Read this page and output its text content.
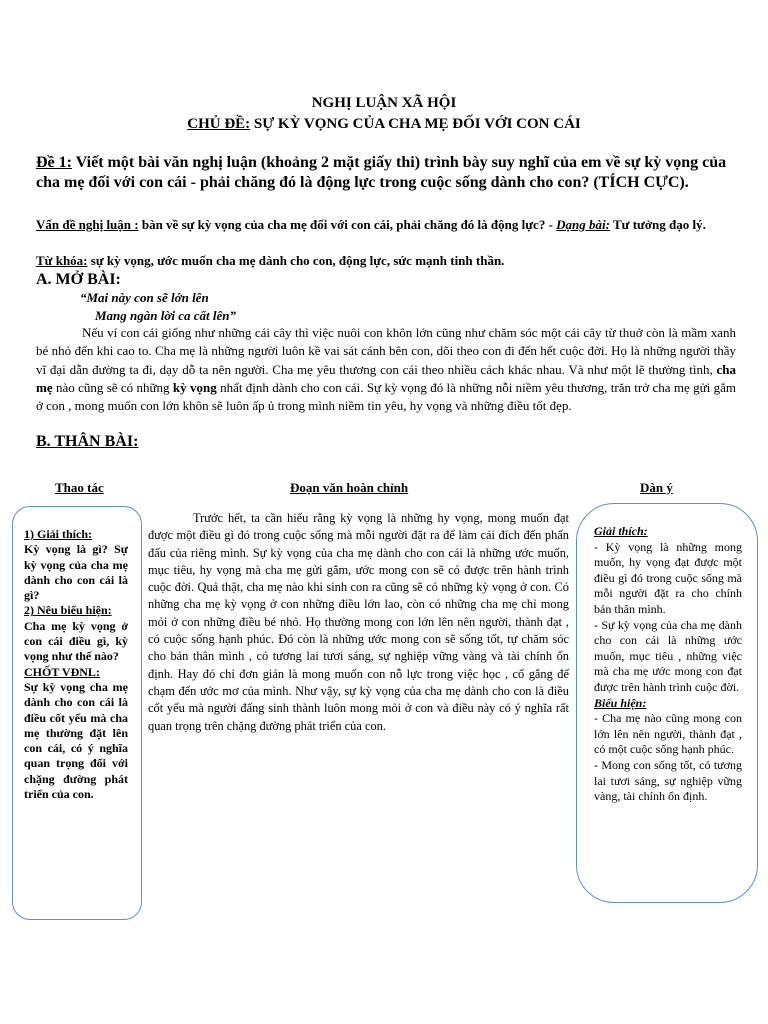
NGHỊ LUẬN XÃ HỘI
CHỦ ĐỀ: SỰ KỲ VỌNG CỦA CHA MẸ ĐỐI VỚI CON CÁI
Đề 1: Viết một bài văn nghị luận (khoảng 2 mặt giấy thi) trình bày suy nghĩ của em về sự kỳ vọng của cha mẹ đối với con cái - phải chăng đó là động lực trong cuộc sống dành cho con? (TÍCH CỰC).
Vấn đề nghị luận : bàn về sự kỳ vọng của cha mẹ đối với con cái, phải chăng đó là động lực? - Dạng bài: Tư tưởng đạo lý.
Từ khóa: sự kỳ vọng, ước muốn cha mẹ dành cho con, động lực, sức mạnh tinh thần.
A. MỞ BÀI:
“Mai này con sẽ lớn lên
Mang ngàn lời ca cất lên”
Nếu ví con cái giống như những cái cây thì việc nuôi con khôn lớn cũng như chăm sóc một cái cây từ thuở còn là mầm xanh bé nhỏ đến khi cao to. Cha mẹ là những người luôn kề vai sát cánh bên con, dõi theo con đi đến hết cuộc đời. Họ là những người thầy vĩ đại dẫn đường ta đi, dạy dỗ ta nên người. Cha mẹ yêu thương con cái theo nhiều cách khác nhau. Và như một lẽ thường tình, cha mẹ nào cũng sẽ có những kỳ vọng nhất định dành cho con cái. Sự kỳ vọng đó là những nỗi niềm yêu thương, trăn trở cha mẹ gửi gắm ở con , mong muốn con lớn khôn sẽ luôn ấp ủ trong mình niềm tin yêu, hy vọng và những điều tốt đẹp.
B. THÂN BÀI:
Thao tác	Đoạn văn hoàn chỉnh	Dàn ý
1) Giải thích:
Kỳ vọng là gì? Sự kỳ vọng của cha mẹ dành cho con cái là gì?
2) Nêu biểu hiện:
Cha mẹ kỳ vọng ở con cái điều gì, kỳ vọng như thế nào?
CHỐT VĐNL:
Sự kỳ vọng cha mẹ dành cho con cái là điều cốt yếu mà cha mẹ thường đặt lên con cái, có ý nghĩa quan trọng đối với chặng đường phát triển của con.
Trước hết, ta cần hiểu rằng kỳ vọng là những hy vọng, mong muốn đạt được một điều gì đó trong cuộc sống mà mỗi người đặt ra để làm cái đích đến phấn đấu của riêng mình. Sự kỳ vọng của cha mẹ dành cho con cái là những ước muốn, mục tiêu, hy vọng mà cha mẹ gửi gắm, ước mong con sẽ có được trên hành trình cuộc đời. Quả thật, cha mẹ nào khi sinh con ra cũng sẽ có những kỳ vọng ở con. Có những cha mẹ kỳ vọng ở con những điều lớn lao, còn có những cha mẹ chỉ mong mỏi ở con những điều bé nhỏ. Họ thường mong con lớn lên nên người, thành đạt , có cuộc sống hạnh phúc. Đó còn là những ước mong con sẽ sống tốt, tự chăm sóc cho bản thân mình , có tương lai tươi sáng, sự nghiệp vững vàng và tài chính ổn định. Hay đó chỉ đơn giản là mong muốn con nỗ lực trong việc học , cố gắng để chạm đến ước mơ của mình. Như vậy, sự kỳ vọng của cha mẹ dành cho con là điều cốt yếu mà người đấng sinh thành luôn mong mỏi ở con và điều này có ý nghĩa rất quan trọng trên chặng đường phát triển của con.
Giải thích:
- Kỳ vọng là những mong muốn, hy vọng đạt được một điều gì đó trong cuộc sống mà mỗi người đặt ra cho chính bản thân mình.
- Sự kỳ vọng của cha mẹ dành cho con cái là những ước muốn, mục tiêu , những việc mà cha mẹ ước mong con đạt được trên hành trình cuộc đời.
Biểu hiện:
- Cha mẹ nào cũng mong con lớn lên nên người, thành đạt , có một cuộc sống hạnh phúc.
- Mong con sống tốt, có tương lai tươi sáng, sự nghiệp vững vàng, tài chính ổn định.
